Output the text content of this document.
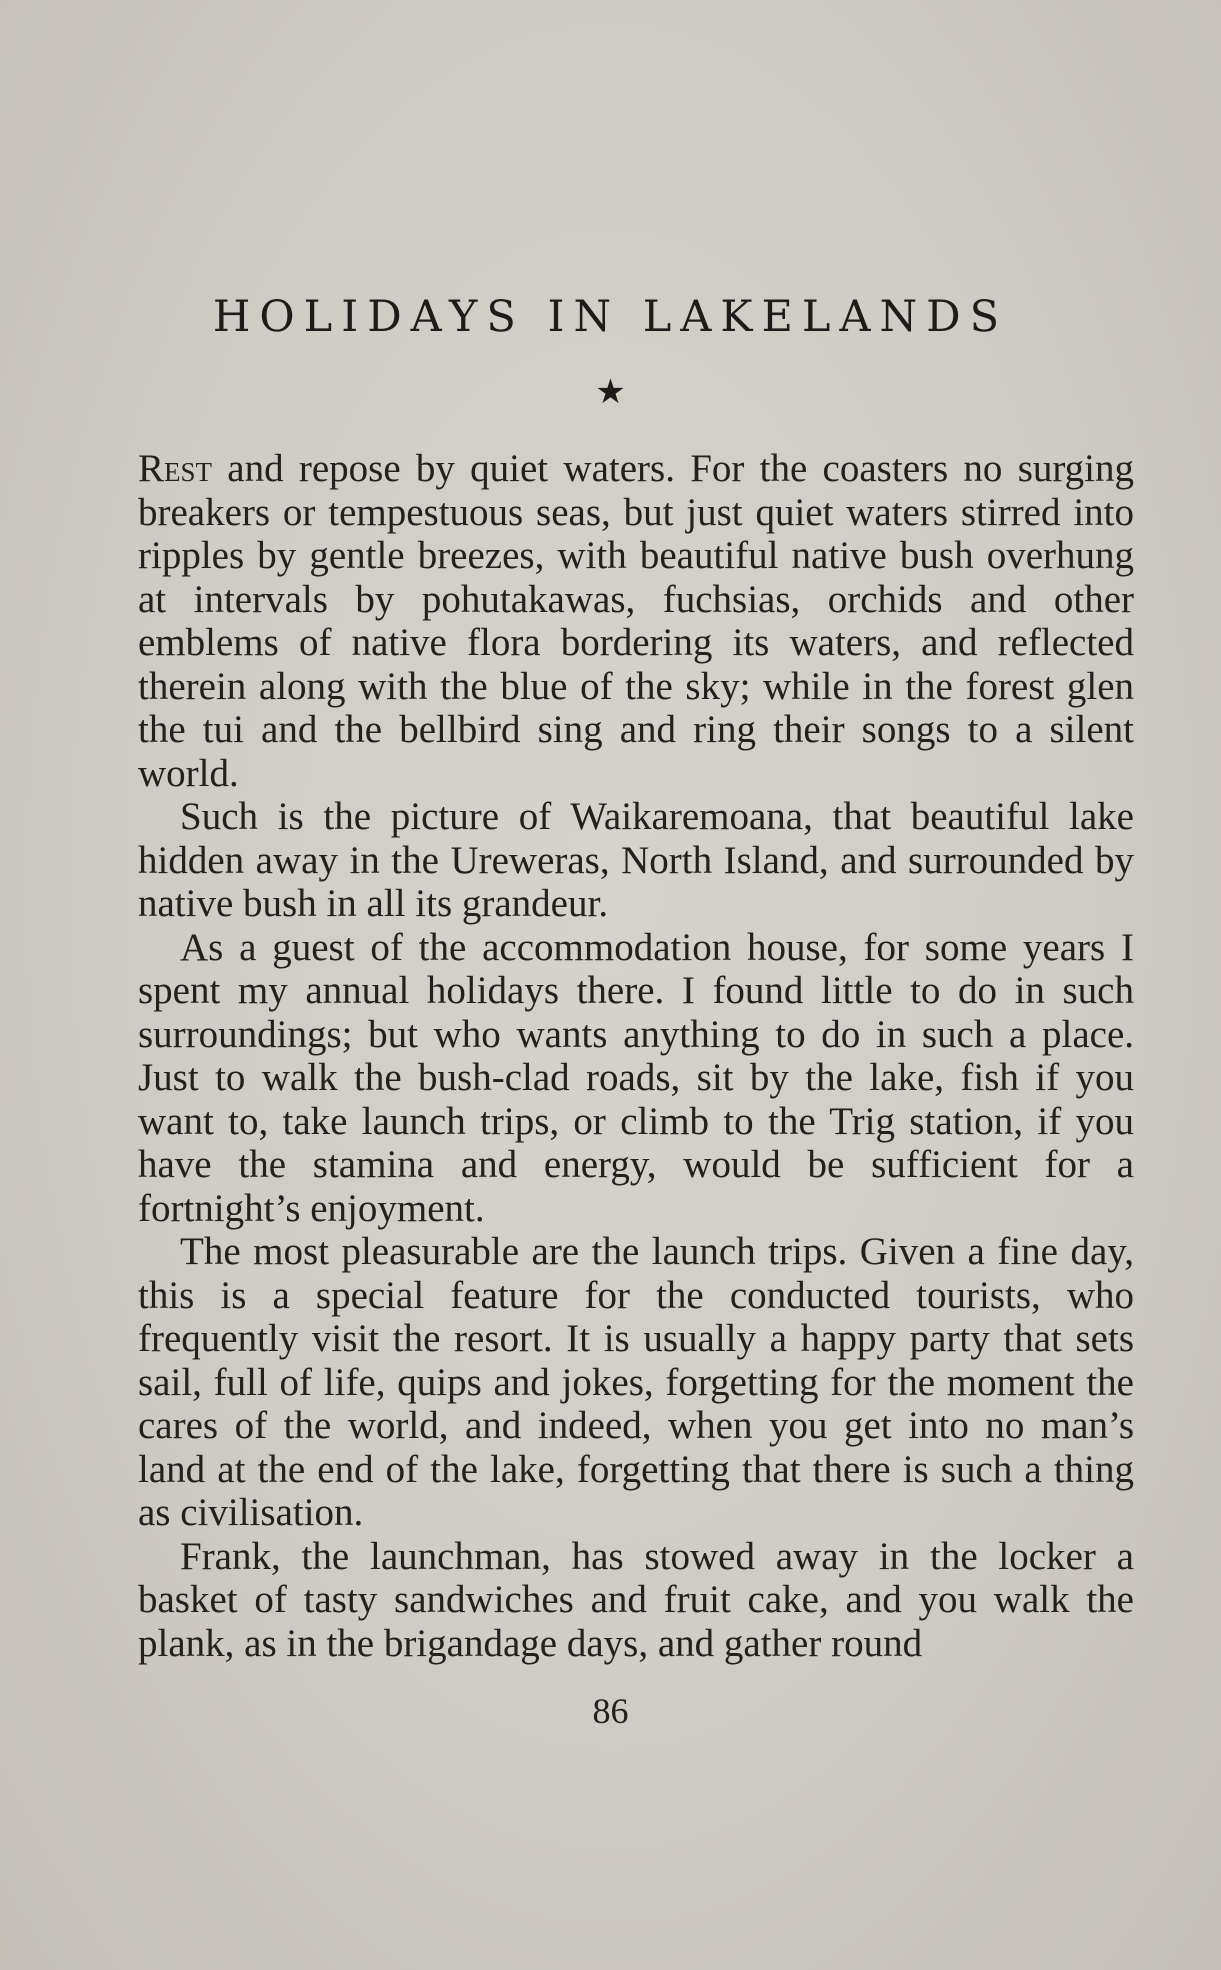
HOLIDAYS IN LAKELANDS
★

Rest and repose by quiet waters. For the coasters no surging breakers or tempestuous seas, but just quiet waters stirred into ripples by gentle breezes, with beautiful native bush overhung at intervals by pohutakawas, fuchsias, orchids and other emblems of native flora bordering its waters, and reflected therein along with the blue of the sky; while in the forest glen the tui and the bellbird sing and ring their songs to a silent world.

Such is the picture of Waikaremoana, that beautiful lake hidden away in the Ureweras, North Island, and surrounded by native bush in all its grandeur.

As a guest of the accommodation house, for some years I spent my annual holidays there. I found little to do in such surroundings; but who wants anything to do in such a place. Just to walk the bush-clad roads, sit by the lake, fish if you want to, take launch trips, or climb to the Trig station, if you have the stamina and energy, would be sufficient for a fortnight’s enjoyment.

The most pleasurable are the launch trips. Given a fine day, this is a special feature for the conducted tourists, who frequently visit the resort. It is usually a happy party that sets sail, full of life, quips and jokes, forgetting for the moment the cares of the world, and indeed, when you get into no man’s land at the end of the lake, forgetting that there is such a thing as civilisation.

Frank, the launchman, has stowed away in the locker a basket of tasty sandwiches and fruit cake, and you walk the plank, as in the brigandage days, and gather round

86
